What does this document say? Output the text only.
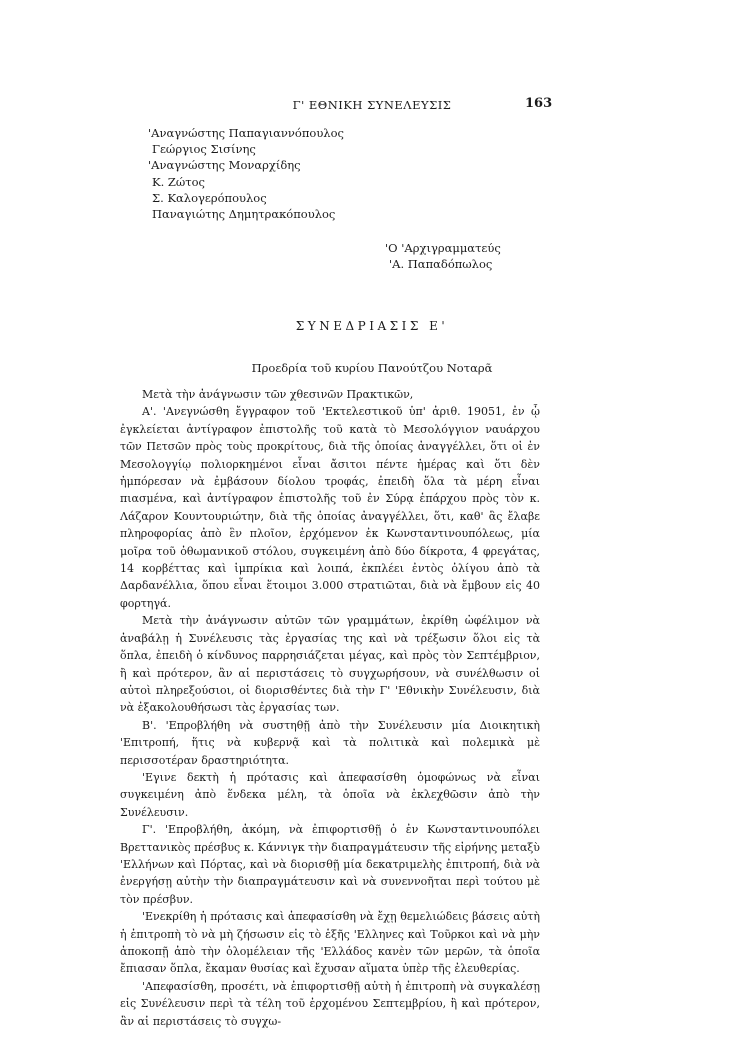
Γ' ΕΘΝΙΚΗ ΣΥΝΕΛΕΥΣΙΣ	163
'Αναγνώστης Παπαγιαννόπουλος
Γεώργιος Σισίνης
'Αναγνώστης Μοναρχίδης
Κ. Ζώτος
Σ. Καλογερόπουλος
Παναγιώτης Δημητρακόπουλος
'Ο 'Αρχιγραμματεύς
'Α. Παπαδόπωλος
ΣΥΝΕΔΡΙΑΣΙΣ Ε'
Προεδρία τοῦ κυρίου Πανούτζου Νοταρᾶ

Μετὰ τὴν ἀνάγνωσιν τῶν χθεσινῶν Πρακτικῶν,

Α'. 'Ανεγνώσθη ἔγγραφον τοῦ 'Εκτελεστικοῦ ὑπ' ἀριθ. 19051, ἐν ᾧ ἐγκλείεται ἀντίγραφον ἐπιστολῆς τοῦ κατὰ τὸ Μεσολόγγιον ναυάρχου τῶν Πετσῶν πρὸς τοὺς προκρίτους, διὰ τῆς ὁποίας ἀναγγέλλει, ὅτι οἱ ἐν Μεσολογγίῳ πολιορκημένοι εἶναι ἄσιτοι πέντε ἡμέρας καὶ ὅτι δὲν ἠμπόρεσαν νὰ ἐμβάσουν δίολου τροφάς, ἐπειδὴ ὅλα τὰ μέρη εἶναι πιασμένα, καὶ ἀντίγραφον ἐπιστολῆς τοῦ ἐν Σύρᾳ ἐπάρχου πρὸς τὸν κ. Λάζαρον Κουντουριώτην, διὰ τῆς ὁποίας ἀναγγέλλει, ὅτι, καθ' ἃς ἔλαβε πληροφορίας ἀπὸ ἓν πλοῖον, ἐρχόμενον ἐκ Κωνσταντινουπόλεως, μία μοῖρα τοῦ ὀθωμανικοῦ στόλου, συγκειμένη ἀπὸ δύο δίκροτα, 4 φρεγάτας, 14 κορβέττας καὶ ἱμπρίκια καὶ λοιπά, ἐκπλέει ἐντὸς ὀλίγου ἀπὸ τὰ Δαρδανέλλια, ὅπου εἶναι ἕτοιμοι 3.000 στρατιῶται, διὰ νὰ ἔμβουν εἰς 40 φορτηγά.

Μετὰ τὴν ἀνάγνωσιν αὐτῶν τῶν γραμμάτων, ἐκρίθη ὠφέλιμον νὰ ἀναβάλῃ ἡ Συνέλευσις τὰς ἐργασίας της καὶ νὰ τρέξωσιν ὅλοι εἰς τὰ ὅπλα, ἐπειδὴ ὁ κίνδυνος παρρησιάζεται μέγας, καὶ πρὸς τὸν Σεπτέμβριον, ἢ καὶ πρότερον, ἂν αἱ περιστάσεις τὸ συγχωρήσουν, νὰ συνέλθωσιν οἱ αὐτοὶ πληρεξούσιοι, οἱ διορισθέντες διὰ τὴν Γ' 'Εθνικὴν Συνέλευσιν, διὰ νὰ ἐξακολουθήσωσι τὰς ἐργασίας των.

Β'. 'Επροβλήθη νὰ συστηθῇ ἀπὸ τὴν Συνέλευσιν μία Διοικητικὴ 'Επιτροπή, ἥτις νὰ κυβερνᾷ καὶ τὰ πολιτικὰ καὶ πολεμικὰ μὲ περισσοτέραν δραστηριότητα.

'Εγινε δεκτὴ ἡ πρότασις καὶ ἀπεφασίσθη ὁμοφώνως νὰ εἶναι συγκειμένη ἀπὸ ἕνδεκα μέλη, τὰ ὁποῖα νὰ ἐκλεχθῶσιν ἀπὸ τὴν Συνέλευσιν.

Γ'. 'Επροβλήθη, ἀκόμη, νὰ ἐπιφορτισθῇ ὁ ἐν Κωνσταντινουπόλει Βρεττανικὸς πρέσβυς κ. Κάννιγκ τὴν διαπραγμάτευσιν τῆς εἰρήνης μεταξὺ 'Ελλήνων καὶ Πόρτας, καὶ νὰ διορισθῇ μία δεκατριμελὴς ἐπιτροπή, διὰ νὰ ἐνεργήσῃ αὐτὴν τὴν διαπραγμάτευσιν καὶ νὰ συνεννοῆται περὶ τούτου μὲ τὸν πρέσβυν.

'Ενεκρίθη ἡ πρότασις καὶ ἀπεφασίσθη νὰ ἔχῃ θεμελιώδεις βάσεις αὐτὴ ἡ ἐπιτροπὴ τὸ νὰ μὴ ζήσωσιν εἰς τὸ ἑξῆς 'Ελληνες καὶ Τοῦρκοι καὶ νὰ μὴν ἀποκοπῇ ἀπὸ τὴν ὁλομέλειαν τῆς 'Ελλάδος κανὲν τῶν μερῶν, τὰ ὁποῖα ἔπιασαν ὅπλα, ἔκαμαν θυσίας καὶ ἔχυσαν αἵματα ὑπὲρ τῆς ἐλευθερίας.

'Απεφασίσθη, προσέτι, νὰ ἐπιφορτισθῇ αὐτὴ ἡ ἐπιτροπὴ νὰ συγκαλέσῃ εἰς Συνέλευσιν περὶ τὰ τέλη τοῦ ἐρχομένου Σεπτεμβρίου, ἢ καὶ πρότερον, ἂν αἱ περιστάσεις τὸ συγχω-
